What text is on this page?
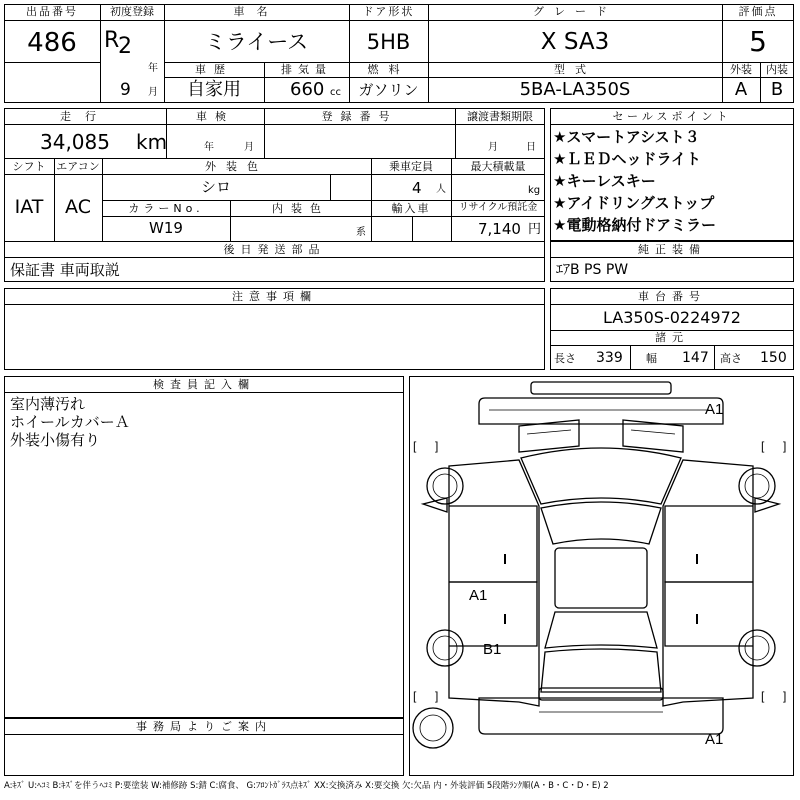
出品番号
486
初度登録
R
2
年
9 月
車名
ミライース
ドア形状
5HB
グレード
X SA3
評価点
5
車歴
自家用
排気量
660 cc
燃料
ガソリン
型式
5BA-LA350S
外装	内装
A	B
走行
34,085 km
車検
年	月
登録番号	譲渡書類期限
月	日
シフト
IAT
エアコン
AC
外装色
シロ
乗車定員
4 人
最大積載量
kg
カラーNo.
W19
内装色
系
輸入車	リサイクル預託金
7,140 円
後日発送部品
保証書 車両取説
セールスポイント
★スマートアシスト３
★ＬＥＤヘッドライト
★キーレスキー
★アイドリングストップ
★電動格納付ドアミラー
純正装備
ｴｱB PS PW
注意事項欄	車台番号
LA350S-0224972
諸元
長さ 339 幅 147 高さ 150
検査員記入欄
室内薄汚れ
ホイールカバーＡ
外装小傷有り
事務局よりご案内
[ ]	[ ]
[ ]	[ ]
A1
A1
B1
A1
A:ｷｽﾞ U:ﾍｺﾐ B:ｷｽﾞを伴うﾍｺﾐ P:要塗装 W:補修跡 S:錆 C:腐食、 G:ﾌﾛﾝﾄｶﾞﾗｽ点ｷｽﾞ XX:交換済み X:要交換 欠:欠品 内・外装評価 5段階ﾗﾝｸ順(A・B・C・D・E) 2
